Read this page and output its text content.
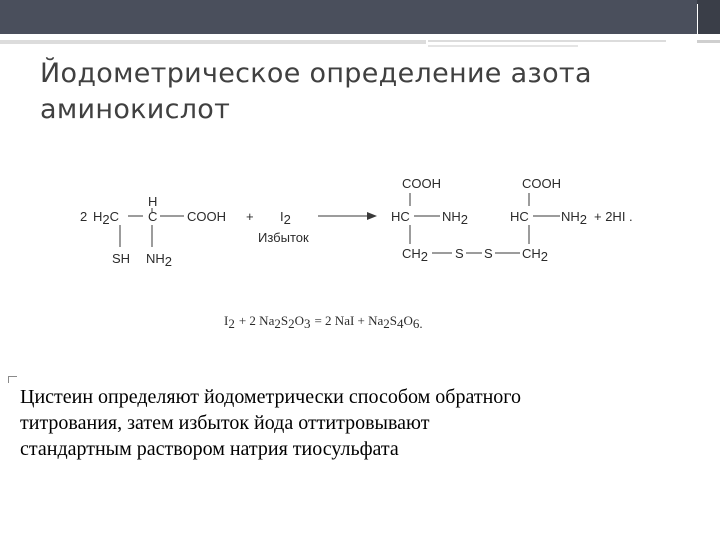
Йодометрическое определение азота
аминокислот
2 H2C
H
C COOH
SH NH2
+ I2
Избыток
COOH	COOH
HC NH2	HC NH2 + 2HI .
CH2 S S CH2
I2 + 2 Na2S2O3 = 2 NaI + Na2S4O6.

Цистеин определяют йодометрически способом обратного

титрования, затем избыток йода оттитровывают

стандартным раствором натрия тиосульфата
